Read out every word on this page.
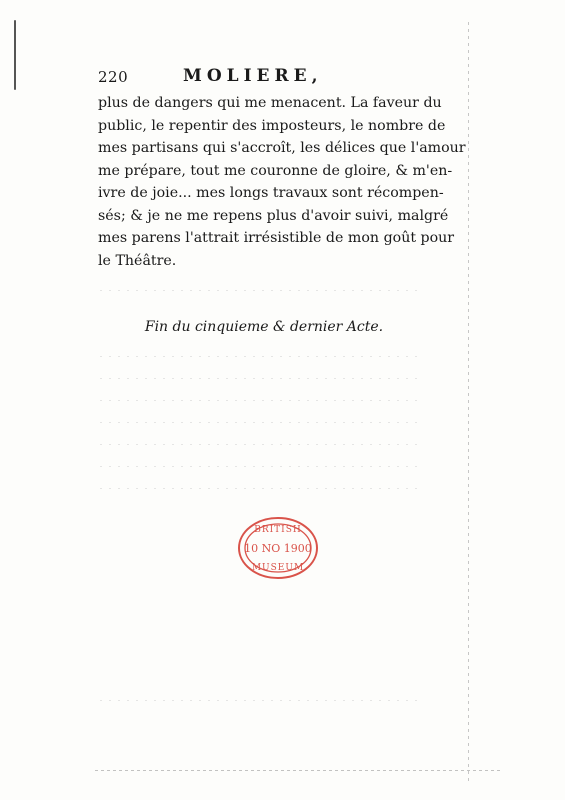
220	MOLIERE,
plus de dangers qui me menacent. La faveur du
public, le repentir des imposteurs, le nombre de
mes partisans qui s'accroît, les délices que l'amour
me prépare, tout me couronne de gloire, & m'en-
ivre de joie... mes longs travaux sont récompen-
sés; & je ne me repens plus d'avoir suivi, malgré
mes parens l'attrait irrésistible de mon goût pour
le Théâtre.
Fin du cinquieme & dernier Acte.
BRITISH
10 NO 1900
MUSEUM
